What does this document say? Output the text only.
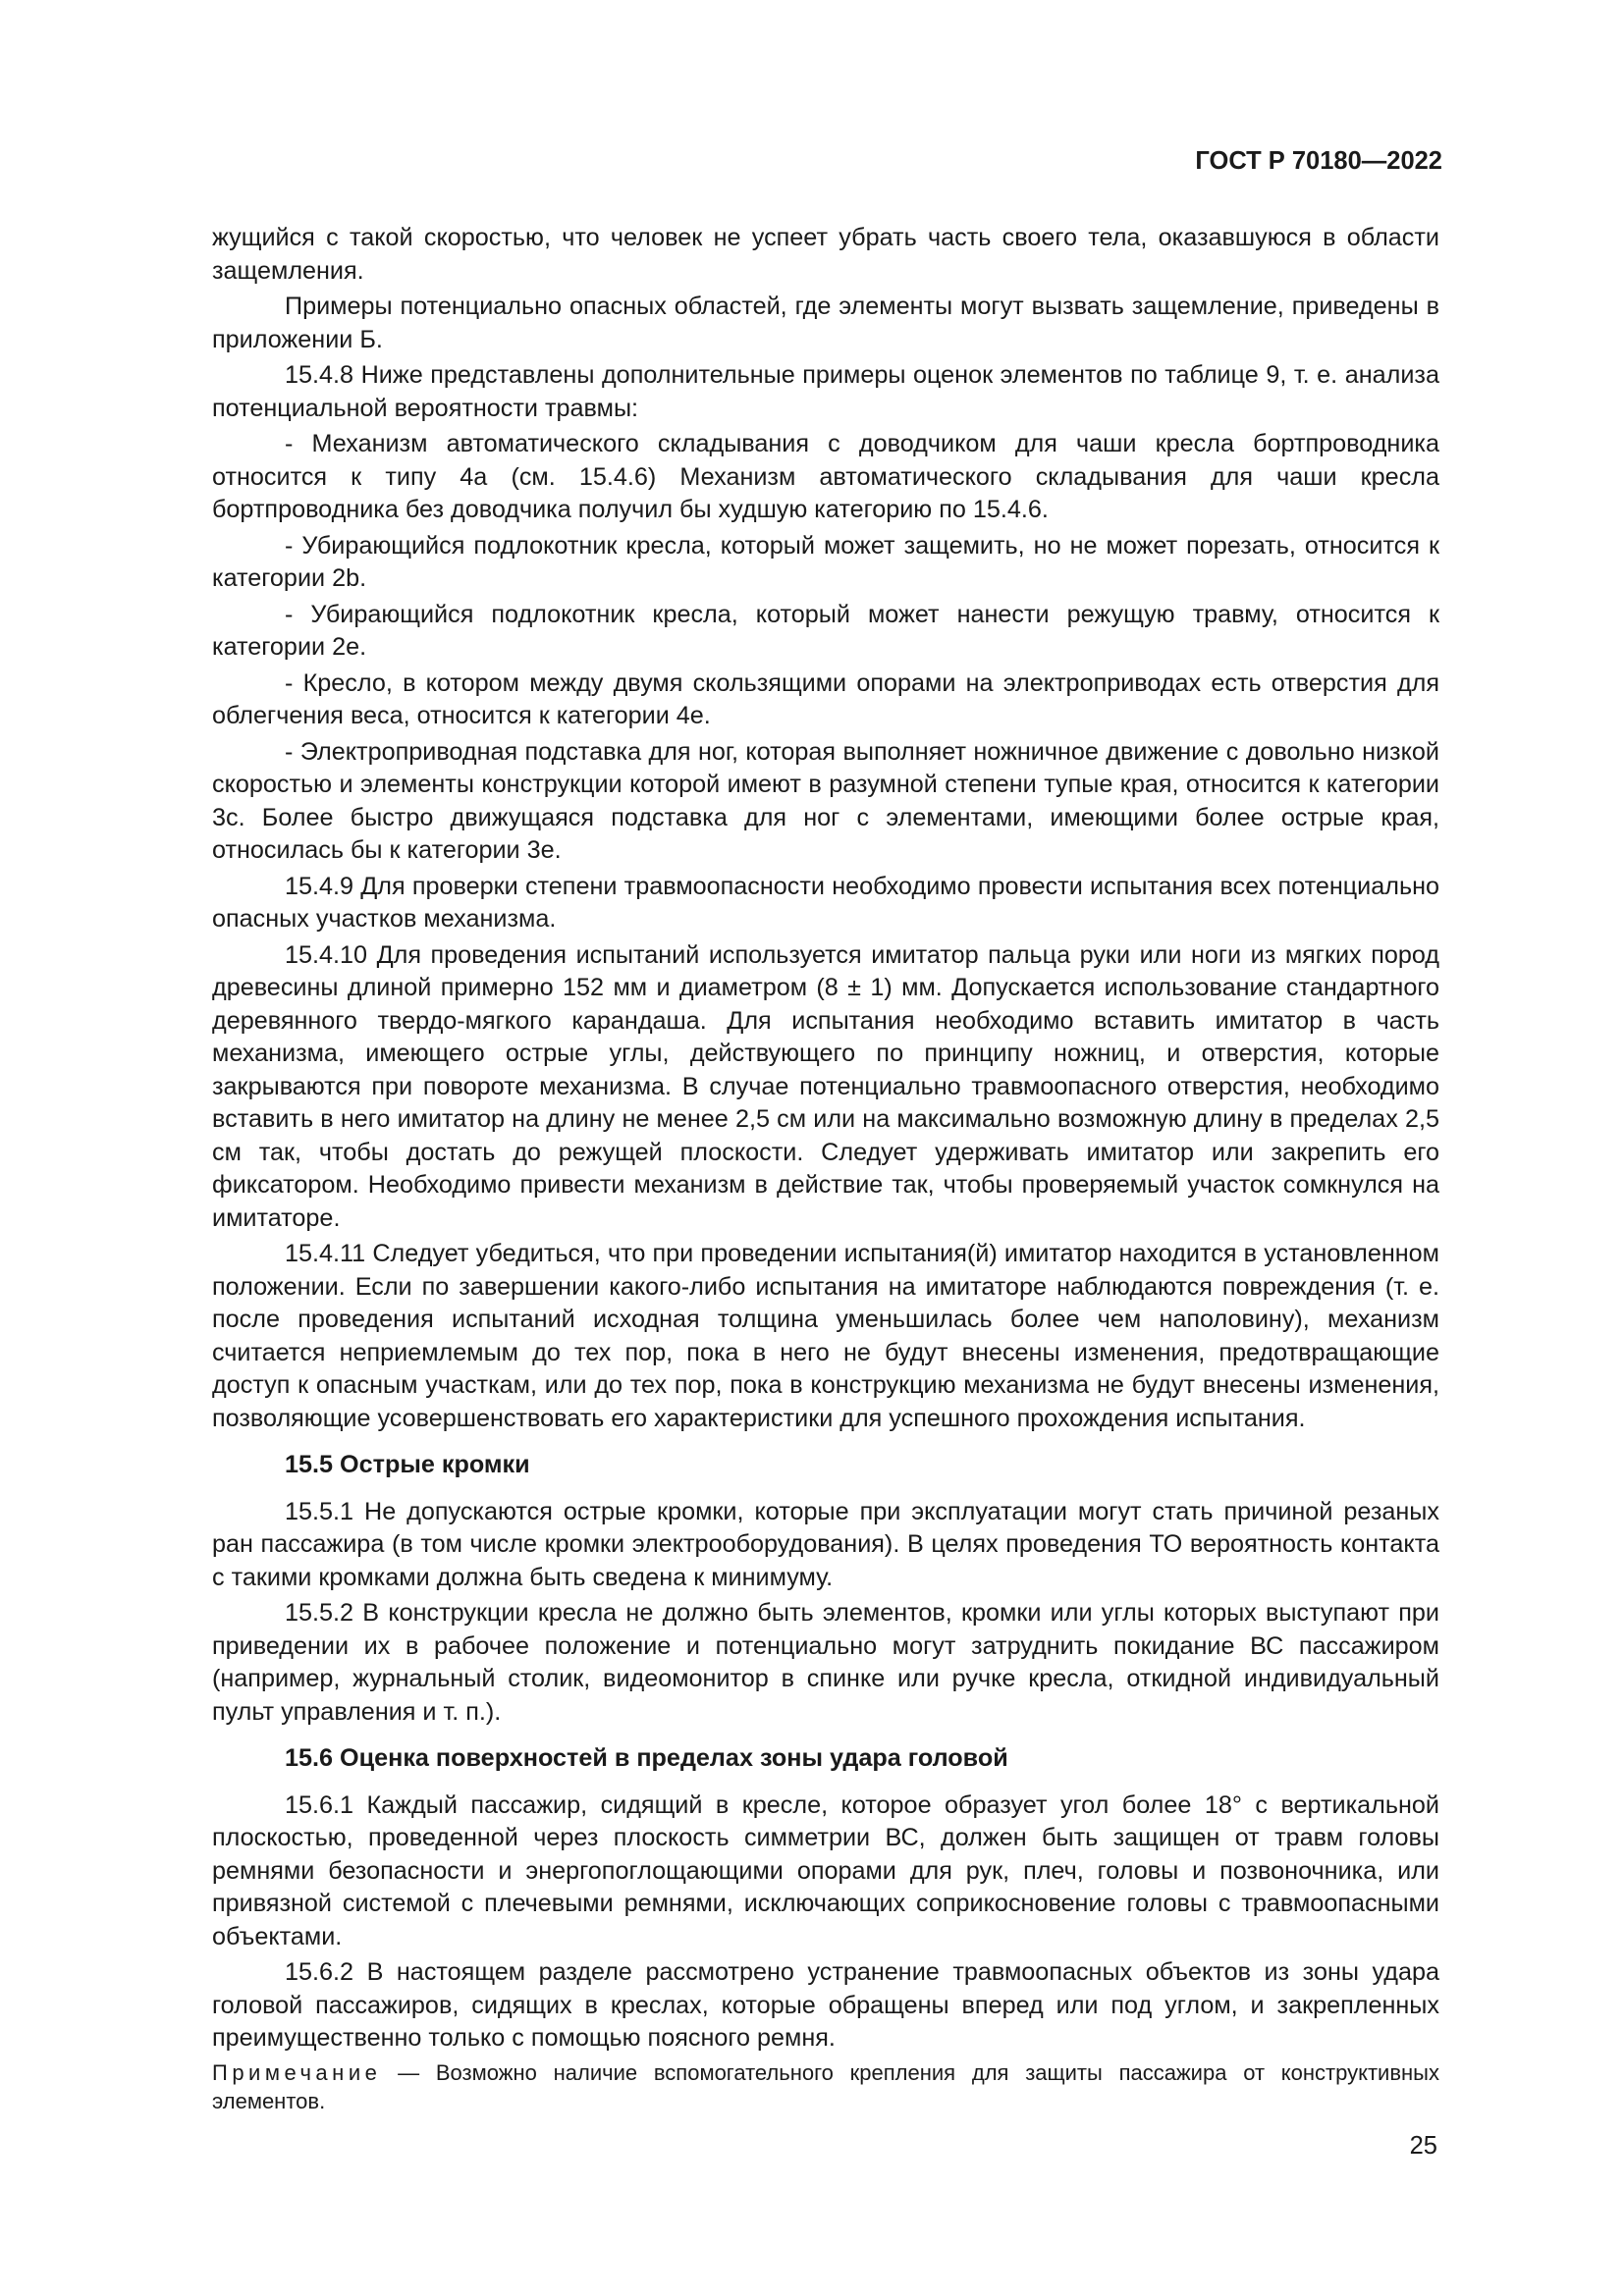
ГОСТ Р 70180—2022

жущийся с такой скоростью, что человек не успеет убрать часть своего тела, оказавшуюся в области защемления.

Примеры потенциально опасных областей, где элементы могут вызвать защемление, приведены в приложении Б.

15.4.8 Ниже представлены дополнительные примеры оценок элементов по таблице 9, т. е. анализа потенциальной вероятности травмы:

- Механизм автоматического складывания с доводчиком для чаши кресла бортпроводника относится к типу 4а (см. 15.4.6) Механизм автоматического складывания для чаши кресла бортпроводника без доводчика получил бы худшую категорию по 15.4.6.

- Убирающийся подлокотник кресла, который может защемить, но не может порезать, относится к категории 2b.

- Убирающийся подлокотник кресла, который может нанести режущую травму, относится к категории 2е.

- Кресло, в котором между двумя скользящими опорами на электроприводах есть отверстия для облегчения веса, относится к категории 4е.

- Электроприводная подставка для ног, которая выполняет ножничное движение с довольно низкой скоростью и элементы конструкции которой имеют в разумной степени тупые края, относится к категории 3с. Более быстро движущаяся подставка для ног с элементами, имеющими более острые края, относилась бы к категории 3е.

15.4.9 Для проверки степени травмоопасности необходимо провести испытания всех потенциально опасных участков механизма.

15.4.10 Для проведения испытаний используется имитатор пальца руки или ноги из мягких пород древесины длиной примерно 152 мм и диаметром (8 ± 1) мм. Допускается использование стандартного деревянного твердо-мягкого карандаша. Для испытания необходимо вставить имитатор в часть механизма, имеющего острые углы, действующего по принципу ножниц, и отверстия, которые закрываются при повороте механизма. В случае потенциально травмоопасного отверстия, необходимо вставить в него имитатор на длину не менее 2,5 см или на максимально возможную длину в пределах 2,5 см так, чтобы достать до режущей плоскости. Следует удерживать имитатор или закрепить его фиксатором. Необходимо привести механизм в действие так, чтобы проверяемый участок сомкнулся на имитаторе.

15.4.11 Следует убедиться, что при проведении испытания(й) имитатор находится в установленном положении. Если по завершении какого-либо испытания на имитаторе наблюдаются повреждения (т. е. после проведения испытаний исходная толщина уменьшилась более чем наполовину), механизм считается неприемлемым до тех пор, пока в него не будут внесены изменения, предотвращающие доступ к опасным участкам, или до тех пор, пока в конструкцию механизма не будут внесены изменения, позволяющие усовершенствовать его характеристики для успешного прохождения испытания.

15.5 Острые кромки

15.5.1 Не допускаются острые кромки, которые при эксплуатации могут стать причиной резаных ран пассажира (в том числе кромки электрооборудования). В целях проведения ТО вероятность контакта с такими кромками должна быть сведена к минимуму.

15.5.2 В конструкции кресла не должно быть элементов, кромки или углы которых выступают при приведении их в рабочее положение и потенциально могут затруднить покидание ВС пассажиром (например, журнальный столик, видеомонитор в спинке или ручке кресла, откидной индивидуальный пульт управления и т. п.).

15.6 Оценка поверхностей в пределах зоны удара головой

15.6.1 Каждый пассажир, сидящий в кресле, которое образует угол более 18° с вертикальной плоскостью, проведенной через плоскость симметрии ВС, должен быть защищен от травм головы ремнями безопасности и энергопоглощающими опорами для рук, плеч, головы и позвоночника, или привязной системой с плечевыми ремнями, исключающих соприкосновение головы с травмоопасными объектами.

15.6.2 В настоящем разделе рассмотрено устранение травмоопасных объектов из зоны удара головой пассажиров, сидящих в креслах, которые обращены вперед или под углом, и закрепленных преимущественно только с помощью поясного ремня.

Примечание — Возможно наличие вспомогательного крепления для защиты пассажира от конструктивных элементов.

25
